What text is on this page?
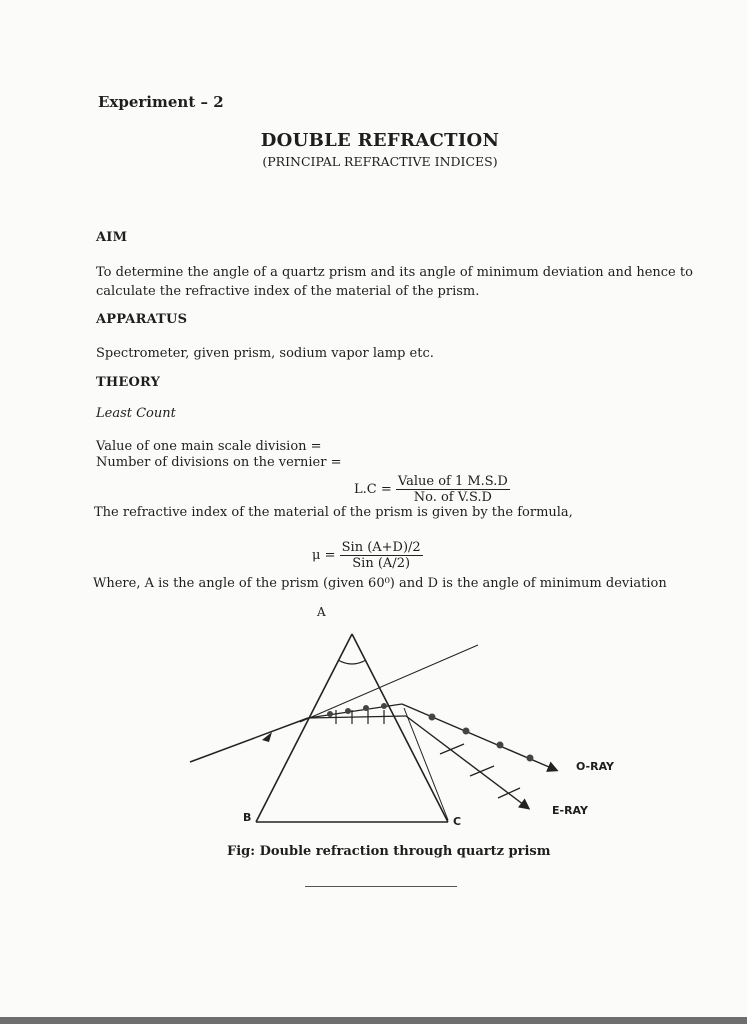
Experiment – 2
DOUBLE REFRACTION
(PRINCIPAL REFRACTIVE INDICES)
AIM
To determine the angle of a quartz prism and its angle of minimum deviation and hence to
calculate the refractive index of the material of the prism.
APPARATUS
Spectrometer, given prism, sodium vapor lamp etc.
THEORY
Least Count
Value of one main scale division =
Number of divisions on the vernier =
$L.C = \frac{\text{Value of 1 M.S.D}}{\text{No. of V.S.D}}$
The refractive index of the material of the prism is given by the formula,
$\mu = \frac{\text{Sin (A+D)/2}}{\text{Sin (A/2)}}$
Where, A is the angle of the prism (given 60⁰) and D is the angle of minimum deviation
A
O-RAY
E-RAY
B	C
Fig: Double refraction through quartz prism
